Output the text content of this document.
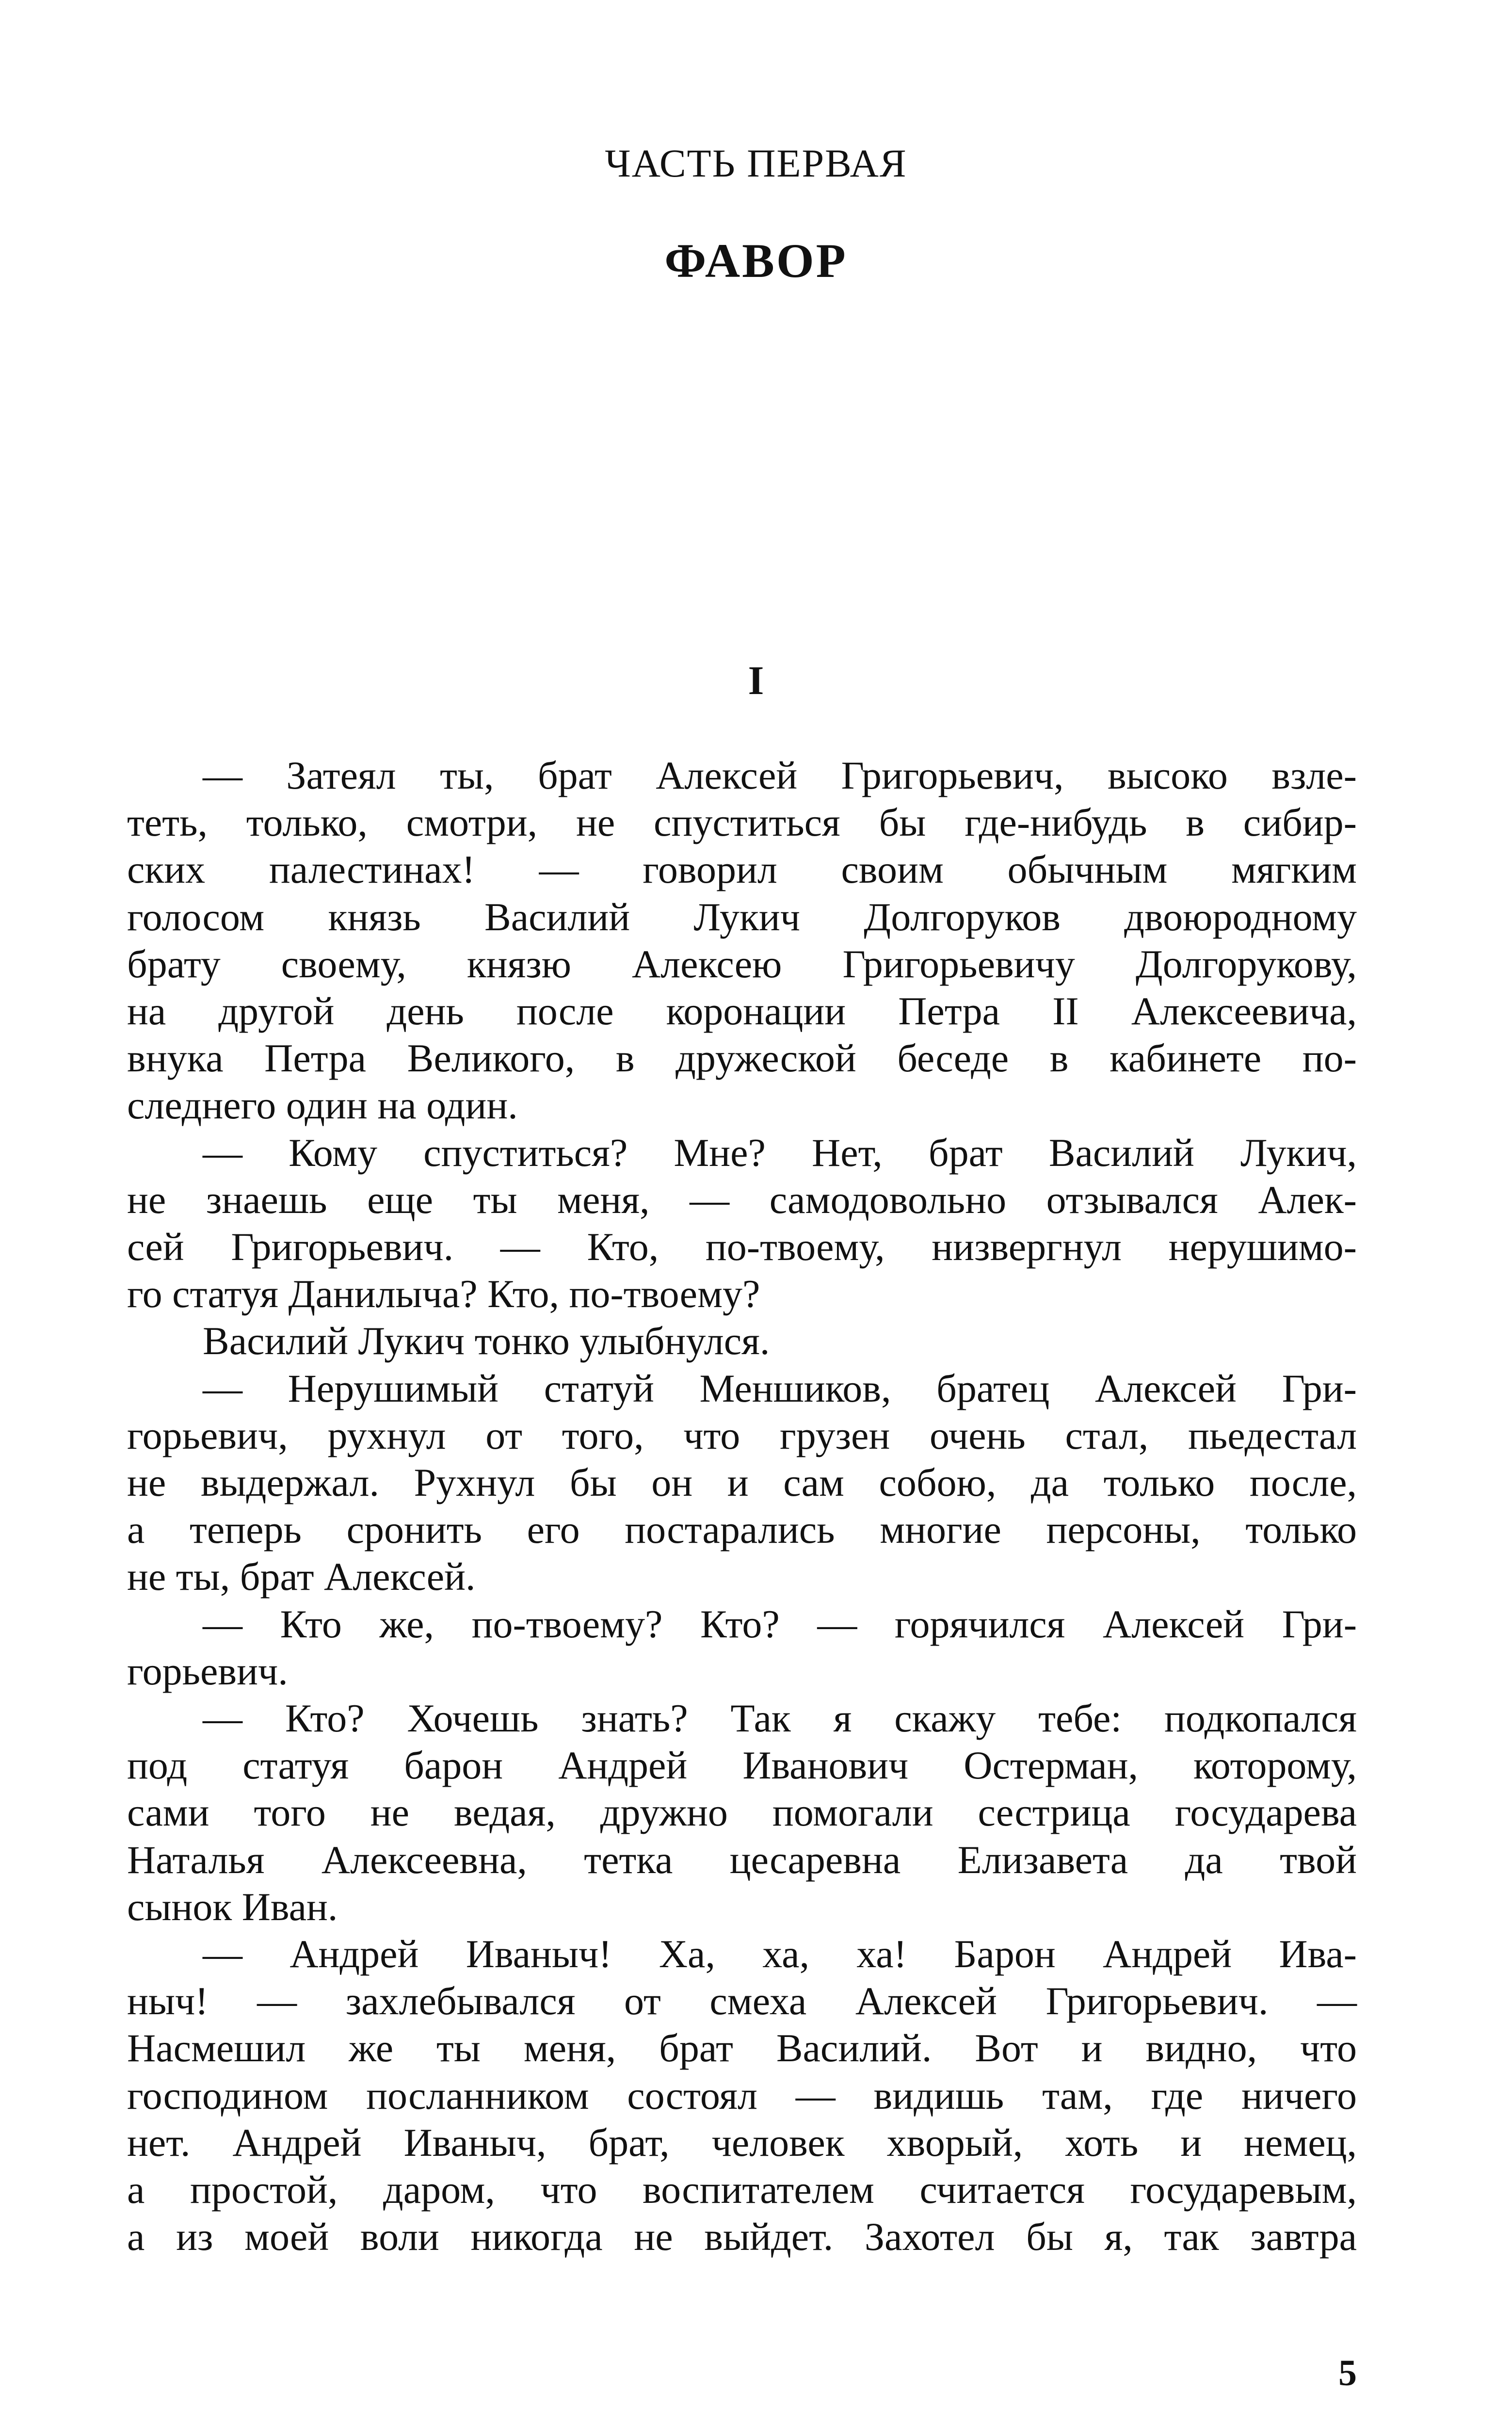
ЧАСТЬ ПЕРВАЯ
ФАВОР
I

— Затеял ты, брат Алексей Григорьевич, высоко взле-

теть, только, смотри, не спуститься бы где-нибудь в сибир-

ских палестинах! — говорил своим обычным мягким

голосом князь Василий Лукич Долгоруков двоюродному

брату своему, князю Алексею Григорьевичу Долгорукову,

на другой день после коронации Петра II Алексеевича,

внука Петра Великого, в дружеской беседе в кабинете по-

следнего один на один.

— Кому спуститься? Мне? Нет, брат Василий Лукич,

не знаешь еще ты меня, — самодовольно отзывался Алек-

сей Григорьевич. — Кто, по-твоему, низвергнул нерушимо-

го статуя Данилыча? Кто, по-твоему?

Василий Лукич тонко улыбнулся.

— Нерушимый статуй Меншиков, братец Алексей Гри-

горьевич, рухнул от того, что грузен очень стал, пьедестал

не выдержал. Рухнул бы он и сам собою, да только после,

а теперь сронить его постарались многие персоны, только

не ты, брат Алексей.

— Кто же, по-твоему? Кто? — горячился Алексей Гри-

горьевич.

— Кто? Хочешь знать? Так я скажу тебе: подкопался

под статуя барон Андрей Иванович Остерман, которому,

сами того не ведая, дружно помогали сестрица государева

Наталья Алексеевна, тетка цесаревна Елизавета да твой

сынок Иван.

— Андрей Иваныч! Ха, ха, ха! Барон Андрей Ива-

ныч! — захлебывался от смеха Алексей Григорьевич. —

Насмешил же ты меня, брат Василий. Вот и видно, что

господином посланником состоял — видишь там, где ничего

нет. Андрей Иваныч, брат, человек хворый, хоть и немец,

а простой, даром, что воспитателем считается государевым,

а из моей воли никогда не выйдет. Захотел бы я, так завтра

5
